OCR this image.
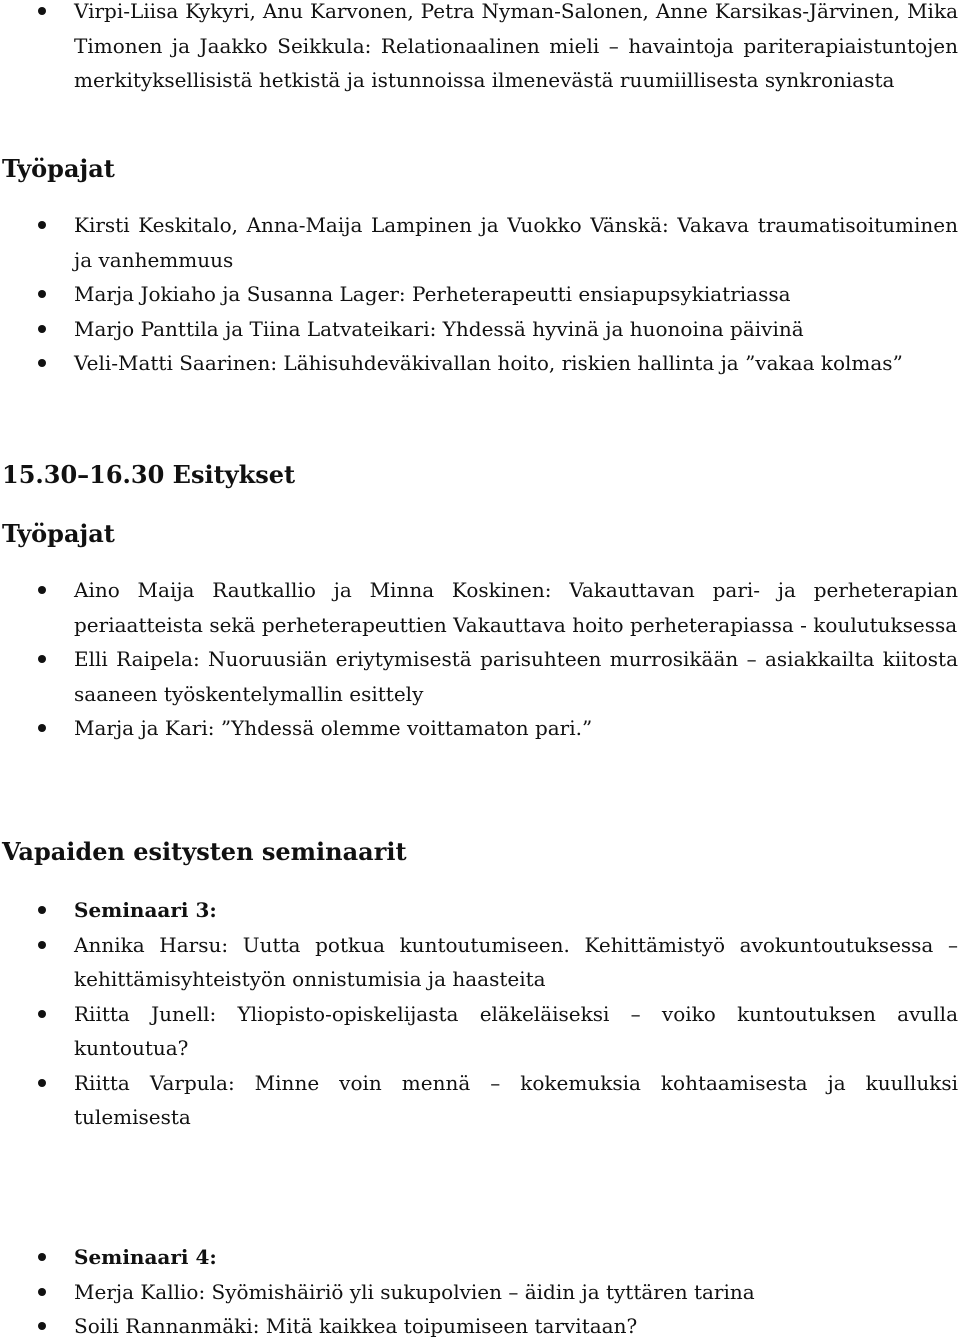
Virpi-Liisa Kykyri, Anu Karvonen, Petra Nyman-Salonen, Anne Karsikas-Järvinen, Mika Timonen ja Jaakko Seikkula: Relationaalinen mieli – havaintoja pariterapiaistuntojen merkityksellisistä hetkistä ja istunnoissa ilmenevästä ruumiillisesta synkroniasta
Työpajat
Kirsti Keskitalo, Anna-Maija Lampinen ja Vuokko Vänskä: Vakava traumatisoituminen ja vanhemmuus
Marja Jokiaho ja Susanna Lager: Perheterapeutti ensiapupsykiatriassa
Marjo Panttila ja Tiina Latvateikari: Yhdessä hyvinä ja huonoina päivinä
Veli-Matti Saarinen: Lähisuhdeväkivallan hoito, riskien hallinta ja ”vakaa kolmas”
15.30–16.30 Esitykset
Työpajat
Aino Maija Rautkallio ja Minna Koskinen: Vakauttavan pari- ja perheterapian periaatteista sekä perheterapeuttien Vakauttava hoito perheterapiassa - koulutuksessa
Elli Raipela: Nuoruusiän eriytymisestä parisuhteen murrosikään – asiakkailta kiitosta saaneen työskentelymallin esittely
Marja ja Kari: ”Yhdessä olemme voittamaton pari.”
Vapaiden esitysten seminaarit
Seminaari 3:
Annika Harsu: Uutta potkua kuntoutumiseen. Kehittämistyö avokuntoutuksessa – kehittämisyhteistyön onnistumisia ja haasteita
Riitta Junell: Yliopisto-opiskelijasta eläkeläiseksi – voiko kuntoutuksen avulla kuntoutua?
Riitta Varpula: Minne voin mennä – kokemuksia kohtaamisesta ja kuulluksi tulemisesta
Seminaari 4:
Merja Kallio: Syömishäiriö yli sukupolvien – äidin ja tyttären tarina
Soili Rannanmäki: Mitä kaikkea toipumiseen tarvitaan?
